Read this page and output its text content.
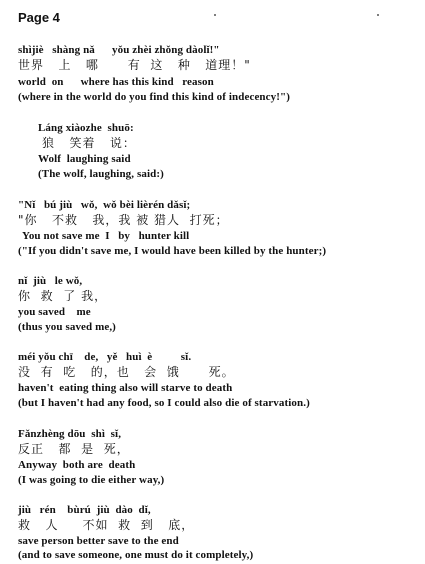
Page 4
shìjiè   shàng nǎ      yǒu zhèi zhǒng dàolǐ!"
世界   上   哪      有  这   种   道理！"
world  on      where has this kind   reason
(where in the world do you find this kind of indecency!")
Láng xiàozhe  shuō:
狼   笑着   说：
Wolf  laughing said
(The wolf, laughing, said:)
"Nǐ   bú jiù   wǒ,  wǒ bèi lièrén dǎsǐ;
"你   不救   我，我 被 猎人  打死；
You not save me  I   by   hunter kill
("If you didn't save me, I would have been killed by the hunter;)
nǐ  jiù   le wǒ,
你  救  了 我，
you saved    me
(thus you saved me,)
méi yǒu chī    de,   yě   huì  è          sǐ.
没  有  吃   的，也   会  饿      死。
haven't  eating thing also will starve to death
(but I haven't had any food, so I could also die of starvation.)
Fǎnzhèng dōu  shì  sǐ,
反正   都  是  死，
Anyway  both are  death
(I was going to die either way,)
jiù   rén    bùrú  jiù  dào  dǐ,
救   人     不如  救  到   底，
save person better save to the end
(and to save someone, one must do it completely,)
